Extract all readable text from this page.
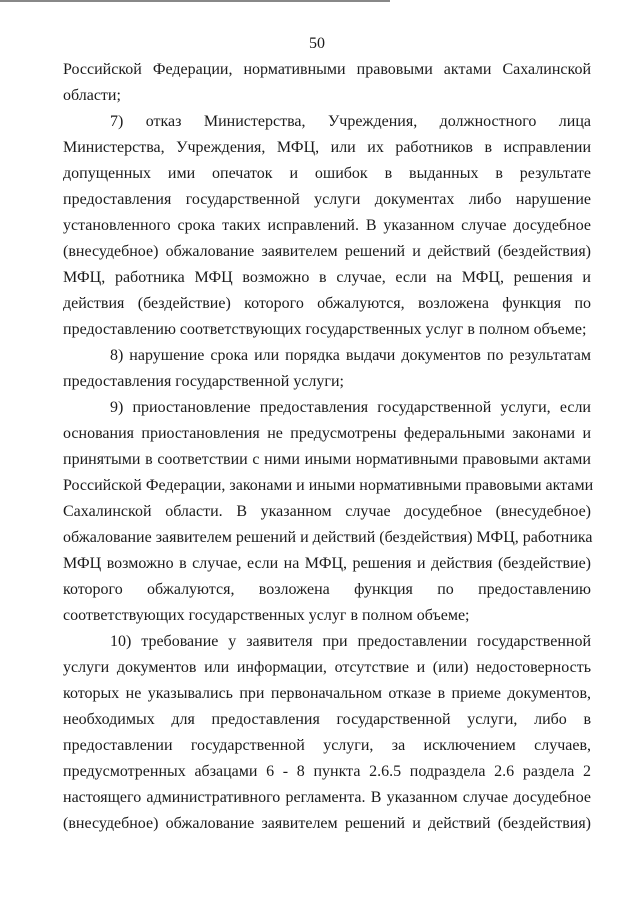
50
Российской Федерации, нормативными правовыми актами Сахалинской
области;
7) отказ Министерства, Учреждения, должностного лица
Министерства, Учреждения, МФЦ, или их работников в исправлении
допущенных ими опечаток и ошибок в выданных в результате
предоставления государственной услуги документах либо нарушение
установленного срока таких исправлений. В указанном случае досудебное
(внесудебное) обжалование заявителем решений и действий (бездействия)
МФЦ, работника МФЦ возможно в случае, если на МФЦ, решения и
действия (бездействие) которого обжалуются, возложена функция по
предоставлению соответствующих государственных услуг в полном объеме;
8) нарушение срока или порядка выдачи документов по результатам
предоставления государственной услуги;
9) приостановление предоставления государственной услуги, если
основания приостановления не предусмотрены федеральными законами и
принятыми в соответствии с ними иными нормативными правовыми актами
Российской Федерации, законами и иными нормативными правовыми актами
Сахалинской области. В указанном случае досудебное (внесудебное)
обжалование заявителем решений и действий (бездействия) МФЦ, работника
МФЦ возможно в случае, если на МФЦ, решения и действия (бездействие)
которого обжалуются, возложена функция по предоставлению
соответствующих государственных услуг в полном объеме;
10) требование у заявителя при предоставлении государственной
услуги документов или информации, отсутствие и (или) недостоверность
которых не указывались при первоначальном отказе в приеме документов,
необходимых для предоставления государственной услуги, либо в
предоставлении государственной услуги, за исключением случаев,
предусмотренных абзацами 6 - 8 пункта 2.6.5 подраздела 2.6 раздела 2
настоящего административного регламента. В указанном случае досудебное
(внесудебное) обжалование заявителем решений и действий (бездействия)
